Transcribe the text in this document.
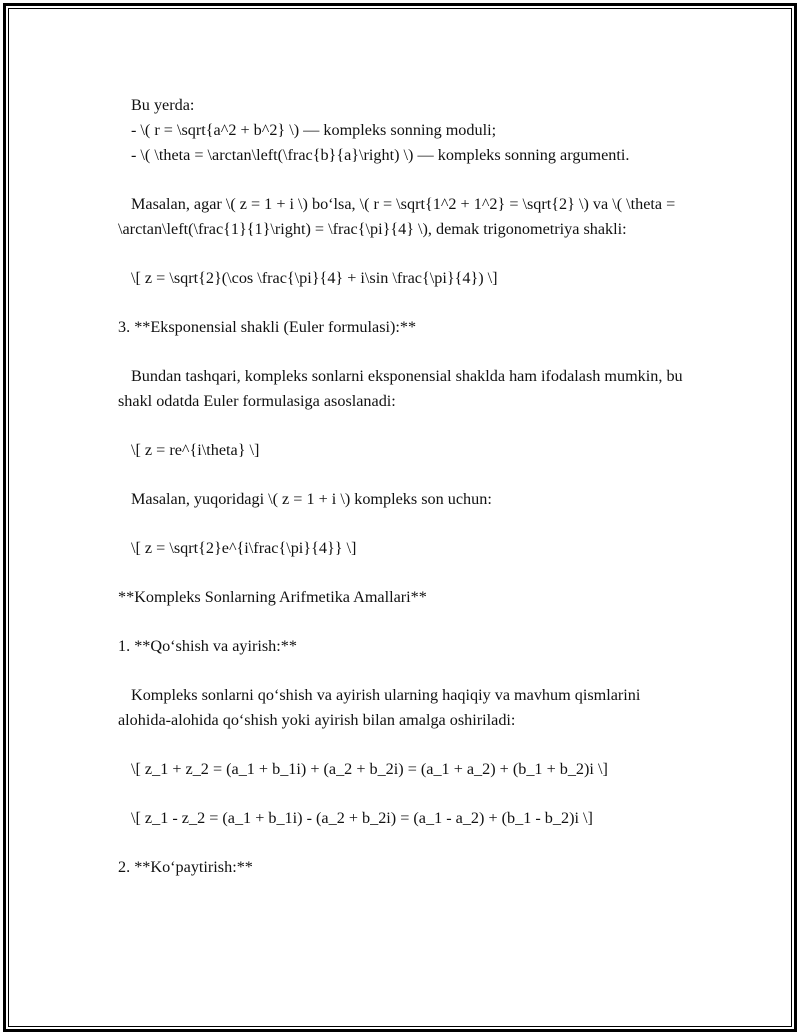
Bu yerda:

- \( r = \sqrt{a^2 + b^2} \) — kompleks sonning moduli;

- \( \theta = \arctan\left(\frac{b}{a}\right) \) — kompleks sonning argumenti.

Masalan, agar \( z = 1 + i \) bo‘lsa, \( r = \sqrt{1^2 + 1^2} = \sqrt{2} \) va \( \theta = \arctan\left(\frac{1}{1}\right) = \frac{\pi}{4} \), demak trigonometriya shakli:

\[ z = \sqrt{2}(\cos \frac{\pi}{4} + i\sin \frac{\pi}{4}) \]

3. **Eksponensial shakli (Euler formulasi):**

Bundan tashqari, kompleks sonlarni eksponensial shaklda ham ifodalash mumkin, bu shakl odatda Euler formulasiga asoslanadi:

\[ z = re^{i\theta} \]

Masalan, yuqoridagi \( z = 1 + i \) kompleks son uchun:

\[ z = \sqrt{2}e^{i\frac{\pi}{4}} \]

**Kompleks Sonlarning Arifmetika Amallari**

1. **Qo‘shish va ayirish:**

Kompleks sonlarni qo‘shish va ayirish ularning haqiqiy va mavhum qismlarini alohida-alohida qo‘shish yoki ayirish bilan amalga oshiriladi:

\[ z_1 + z_2 = (a_1 + b_1i) + (a_2 + b_2i) = (a_1 + a_2) + (b_1 + b_2)i \]

\[ z_1 - z_2 = (a_1 + b_1i) - (a_2 + b_2i) = (a_1 - a_2) + (b_1 - b_2)i \]

2. **Ko‘paytirish:**
